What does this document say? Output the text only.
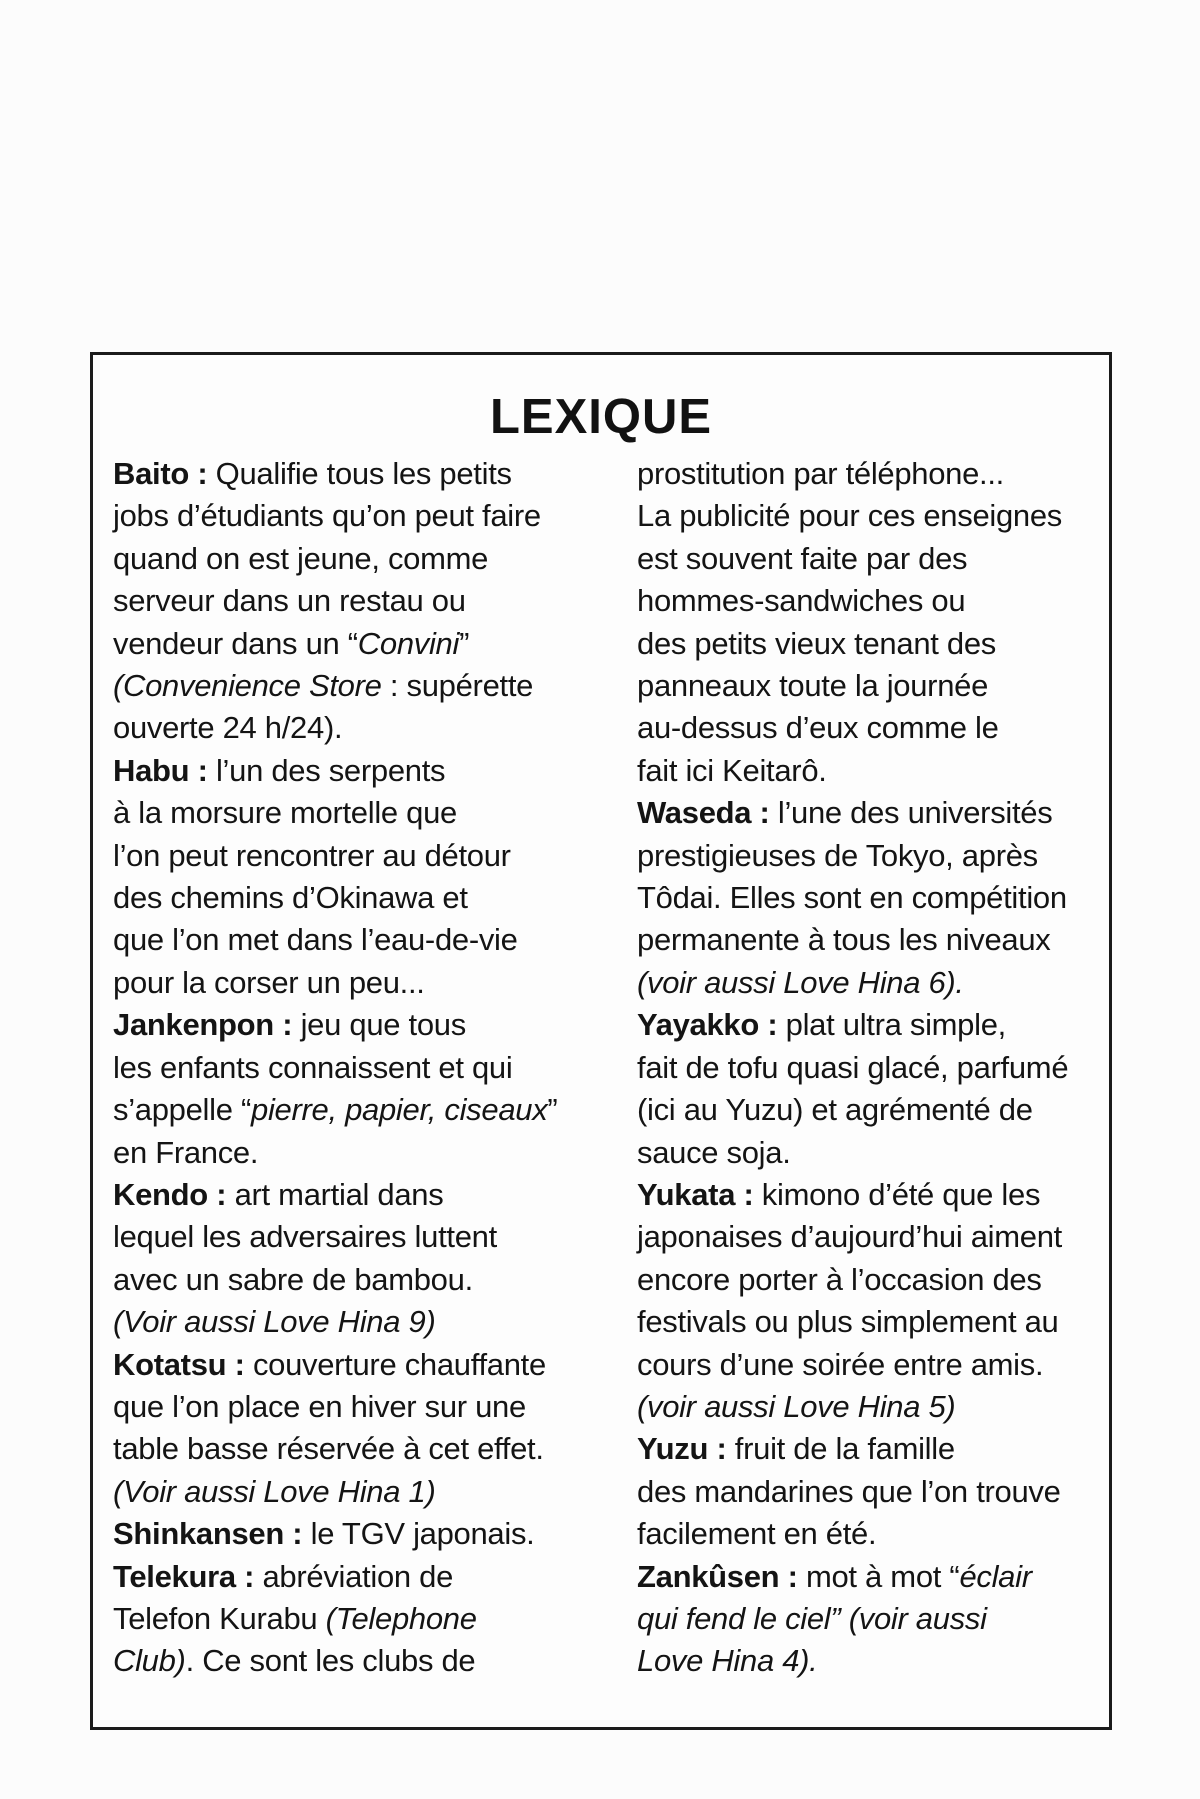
LEXIQUE
Baito : Qualifie tous les petits
jobs d’étudiants qu’on peut faire
quand on est jeune, comme
serveur dans un restau ou
vendeur dans un “Convini”
(Convenience Store : supérette
ouverte 24 h/24).
Habu : l’un des serpents
à la morsure mortelle que
l’on peut rencontrer au détour
des chemins d’Okinawa et
que l’on met dans l’eau-de-vie
pour la corser un peu...
Jankenpon : jeu que tous
les enfants connaissent et qui
s’appelle “pierre, papier, ciseaux”
en France.
Kendo : art martial dans
lequel les adversaires luttent
avec un sabre de bambou.
(Voir aussi Love Hina 9)
Kotatsu : couverture chauffante
que l’on place en hiver sur une
table basse réservée à cet effet.
(Voir aussi Love Hina 1)
Shinkansen : le TGV japonais.
Telekura : abréviation de
Telefon Kurabu (Telephone
Club). Ce sont les clubs de
prostitution par téléphone...
La publicité pour ces enseignes
est souvent faite par des
hommes-sandwiches ou
des petits vieux tenant des
panneaux toute la journée
au-dessus d’eux comme le
fait ici Keitarô.
Waseda : l’une des universités
prestigieuses de Tokyo, après
Tôdai. Elles sont en compétition
permanente à tous les niveaux
(voir aussi Love Hina 6).
Yayakko : plat ultra simple,
fait de tofu quasi glacé, parfumé
(ici au Yuzu) et agrémenté de
sauce soja.
Yukata : kimono d’été que les
japonaises d’aujourd’hui aiment
encore porter à l’occasion des
festivals ou plus simplement au
cours d’une soirée entre amis.
(voir aussi Love Hina 5)
Yuzu : fruit de la famille
des mandarines que l’on trouve
facilement en été.
Zankûsen : mot à mot “éclair
qui fend le ciel” (voir aussi
Love Hina 4).
